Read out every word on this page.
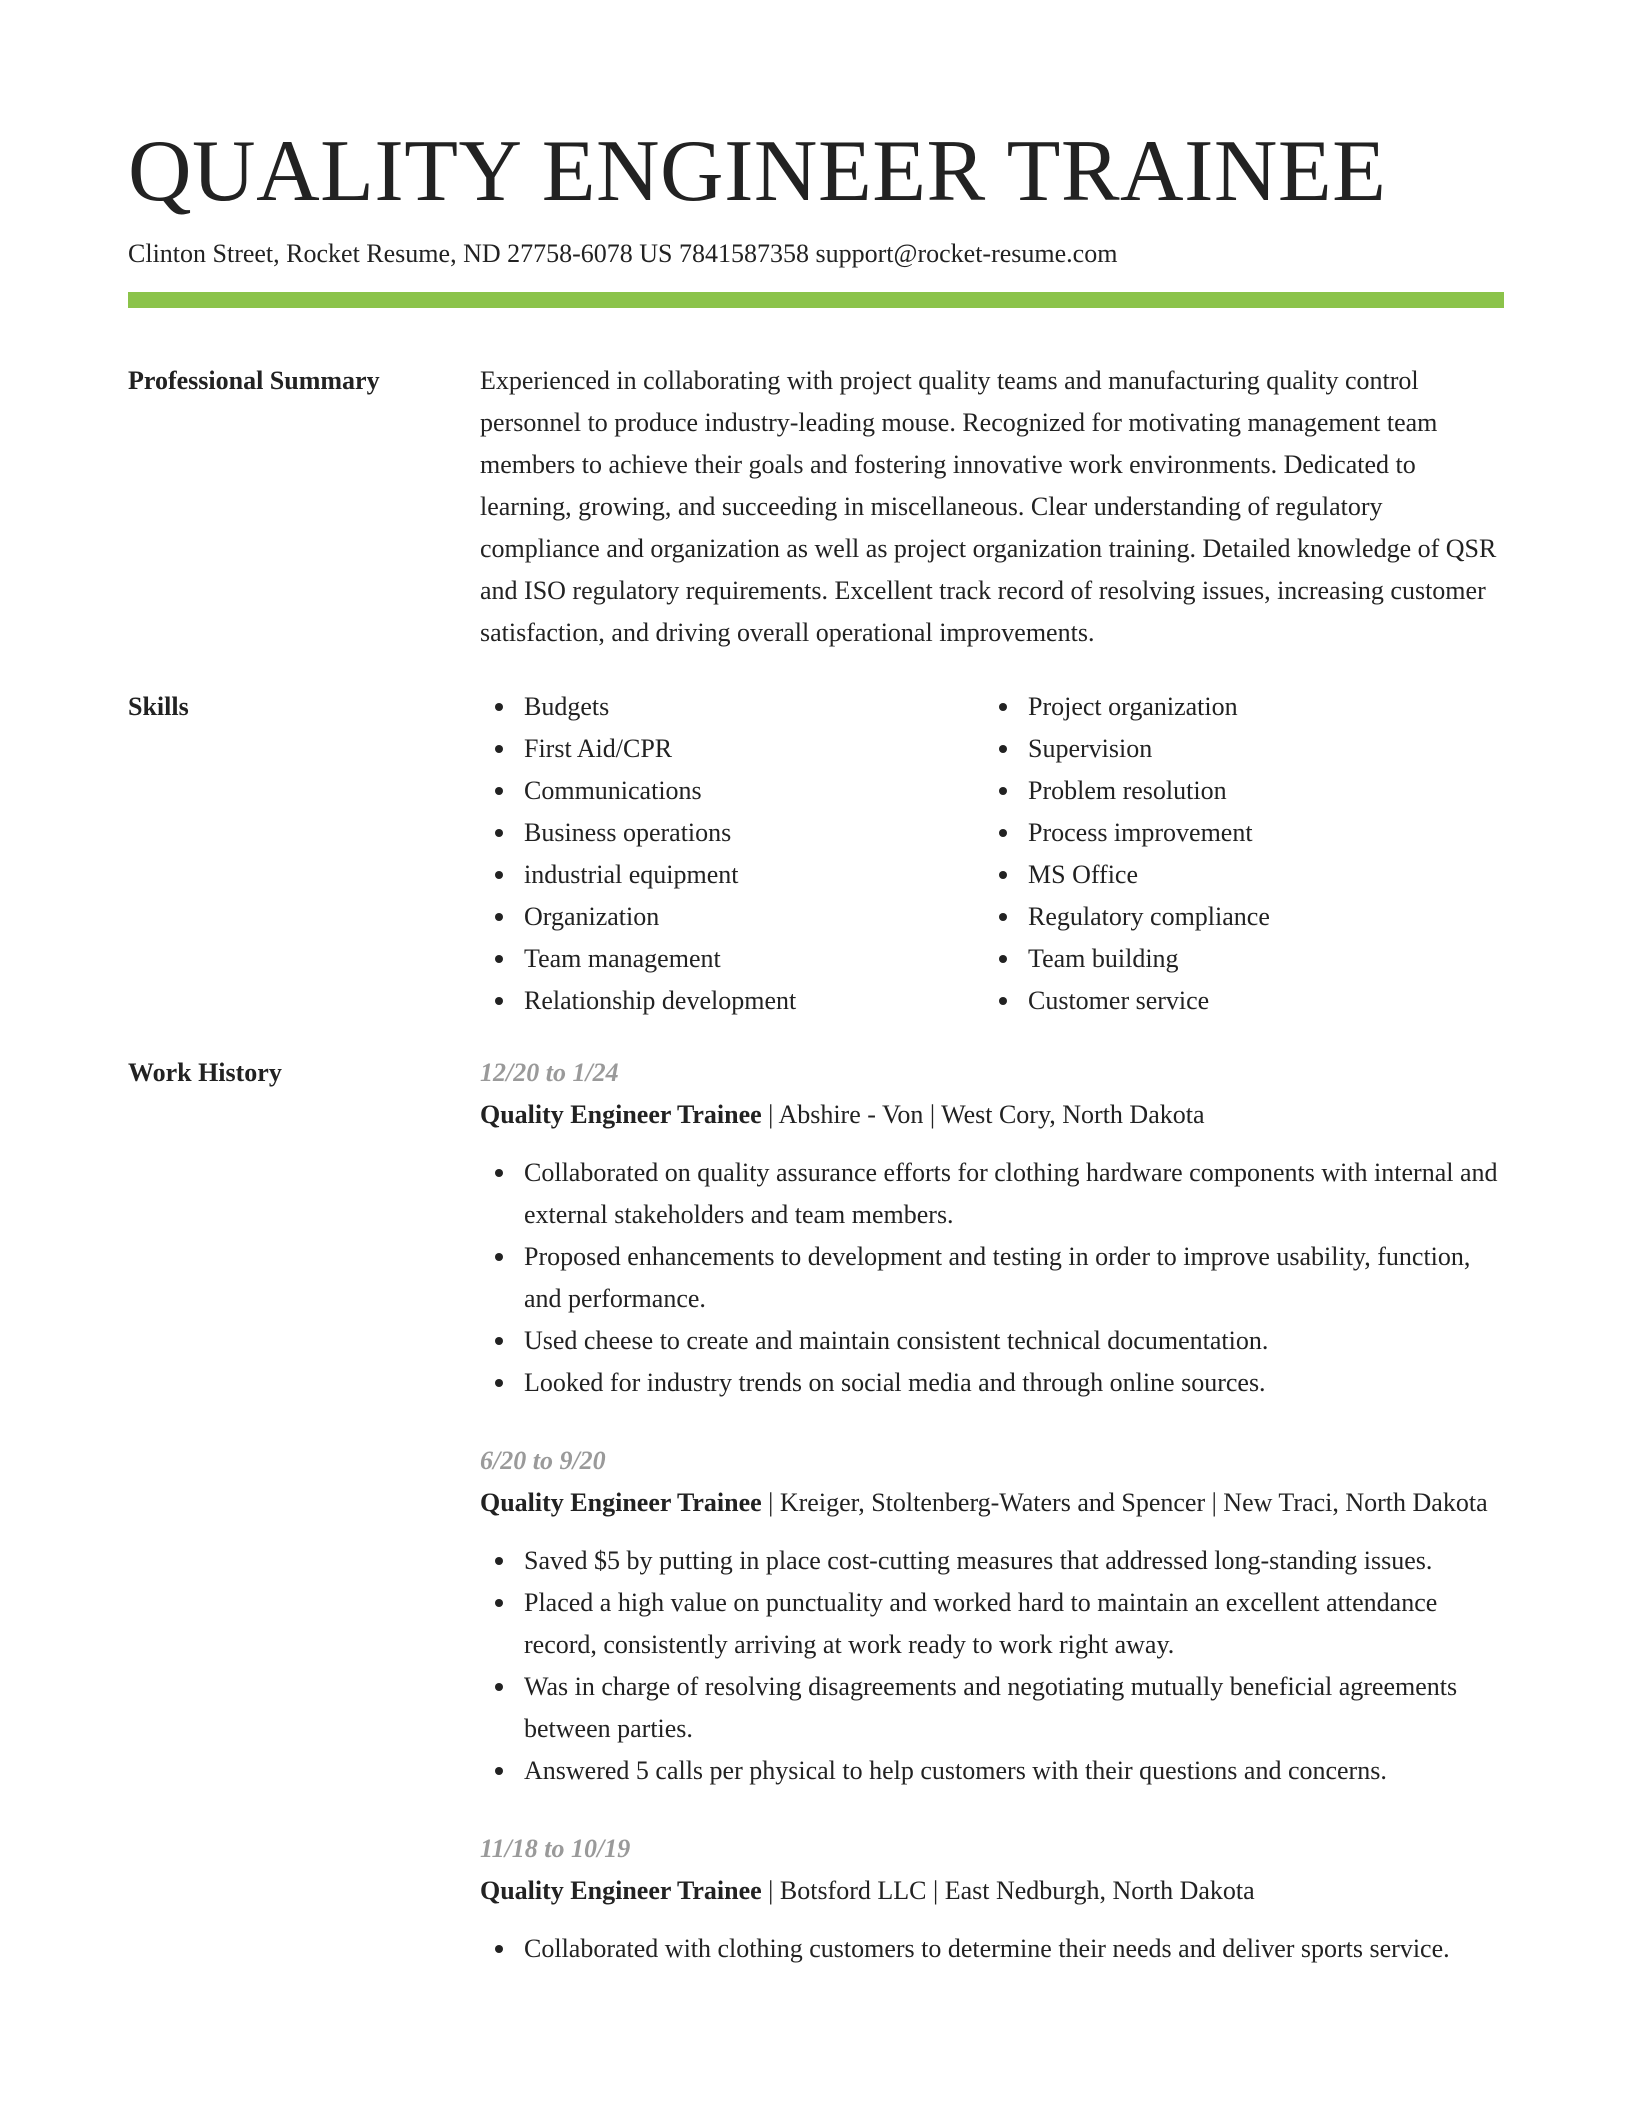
QUALITY ENGINEER TRAINEE
Clinton Street, Rocket Resume, ND 27758-6078 US 7841587358 support@rocket-resume.com
Professional Summary	Experienced in collaborating with project quality teams and manufacturing quality control personnel to produce industry-leading mouse. Recognized for motivating management team members to achieve their goals and fostering innovative work environments. Dedicated to learning, growing, and succeeding in miscellaneous. Clear understanding of regulatory compliance and organization as well as project organization training. Detailed knowledge of QSR and ISO regulatory requirements. Excellent track record of resolving issues, increasing customer satisfaction, and driving overall operational improvements.

Skills	Budgets
First Aid/CPR
Communications
Business operations
industrial equipment
Organization
Team management
Relationship development
Project organization
Supervision
Problem resolution
Process improvement
MS Office
Regulatory compliance
Team building
Customer service
Work History	12/20 to 1/24
Quality Engineer Trainee | Abshire - Von | West Cory, North Dakota
Collaborated on quality assurance efforts for clothing hardware components with internal and external stakeholders and team members.
Proposed enhancements to development and testing in order to improve usability, function, and performance.
Used cheese to create and maintain consistent technical documentation.
Looked for industry trends on social media and through online sources.
6/20 to 9/20
Quality Engineer Trainee | Kreiger, Stoltenberg-Waters and Spencer | New Traci, North Dakota
Saved $5 by putting in place cost-cutting measures that addressed long-standing issues.
Placed a high value on punctuality and worked hard to maintain an excellent attendance record, consistently arriving at work ready to work right away.
Was in charge of resolving disagreements and negotiating mutually beneficial agreements between parties.
Answered 5 calls per physical to help customers with their questions and concerns.
11/18 to 10/19
Quality Engineer Trainee | Botsford LLC | East Nedburgh, North Dakota
Collaborated with clothing customers to determine their needs and deliver sports service.
